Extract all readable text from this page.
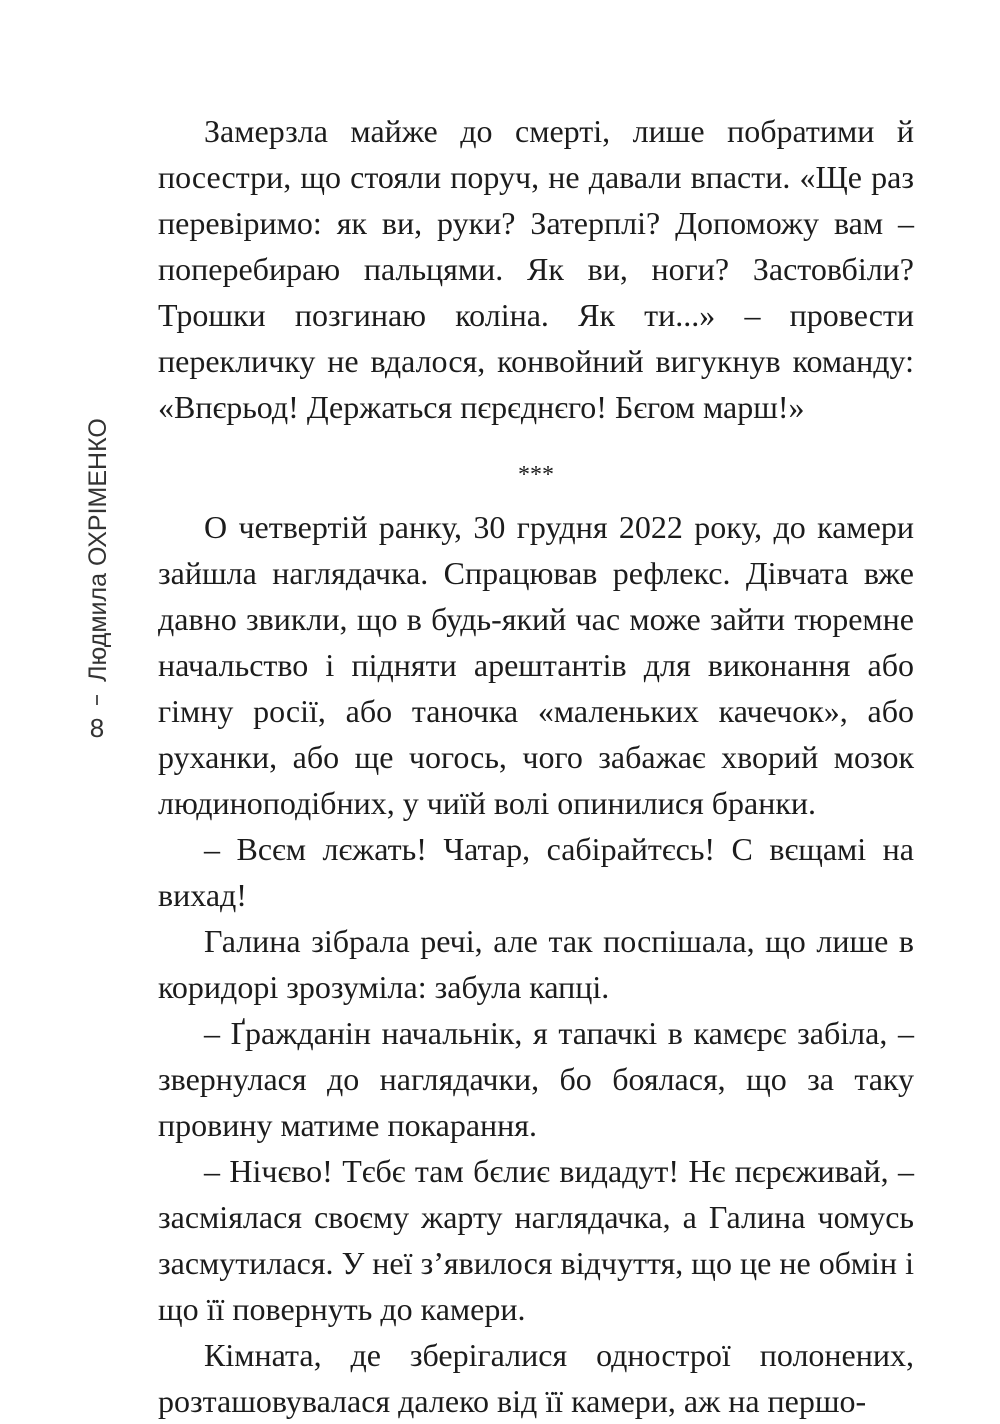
Людмила ОХРІМЕНКО
8

Замерзла майже до смерті, лише побратими й посестри, що стояли поруч, не давали впасти. «Ще раз перевіримо: як ви, руки? Затерплі? Допоможу вам – поперебираю пальцями. Як ви, ноги? Застовбіли? Трошки позгинаю коліна. Як ти...» – провести перекличку не вдалося, конвойний вигукнув команду: «Впєрьод! Держаться пєрєднєго! Бєгом марш!»

***

О четвертій ранку, 30 грудня 2022 року, до камери зайшла наглядачка. Спрацював рефлекс. Дівчата вже давно звикли, що в будь-який час може зайти тюремне начальство і підняти арештантів для виконання або гімну росії, або таночка «маленьких качечок», або руханки, або ще чогось, чого забажає хворий мозок людиноподібних, у чиїй волі опинилися бранки.

– Всєм лєжать! Чатар, сабірайтєсь! С вєщамі на вихад!

Галина зібрала речі, але так поспішала, що лише в коридорі зрозуміла: забула капці.

– Ґражданін начальнік, я тапачкі в камєрє забіла, – звернулася до наглядачки, бо боялася, що за таку провину матиме покарання.

– Нічєво! Тєбє там бєлиє видадут! Нє пєрєживай, – засміялася своєму жарту наглядачка, а Галина чомусь засмутилася. У неї з’явилося відчуття, що це не обмін і що її повернуть до камери.

Кімната, де зберігалися однострої полонених, розташовувалася далеко від її камери, аж на першо-
